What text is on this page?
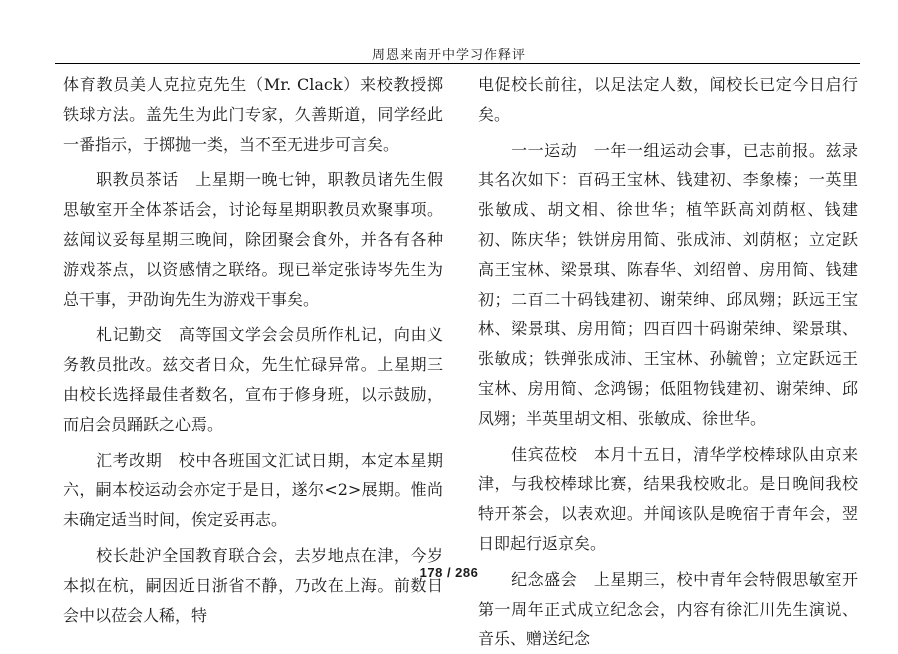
周恩来南开中学习作释评

体育教员美人克拉克先生（Mr. Clack）来校教授掷铁球方法。盖先生为此门专家，久善斯道，同学经此一番指示，于掷抛一类，当不至无进步可言矣。

　　职教员茶话　上星期一晚七钟，职教员诸先生假思敏室开全体茶话会，讨论每星期职教员欢聚事项。兹闻议妥每星期三晚间，除团聚会食外，并各有各种游戏茶点，以资感情之联络。现已举定张诗岑先生为总干事，尹劭询先生为游戏干事矣。

　　札记勤交　高等国文学会会员所作札记，向由义务教员批改。兹交者日众，先生忙碌异常。上星期三由校长选择最佳者数名，宣布于修身班，以示鼓励，而启会员踊跃之心焉。

　　汇考改期　校中各班国文汇试日期，本定本星期六，嗣本校运动会亦定于是日，遂尔<2>展期。惟尚未确定适当时间，俟定妥再志。

　　校长赴沪全国教育联合会，去岁地点在津，今岁本拟在杭，嗣因近日浙省不静，乃改在上海。前数日会中以莅会人稀，特

电促校长前往，以足法定人数，闻校长已定今日启行矣。

　　一一运动　一年一组运动会事，已志前报。兹录其名次如下：百码王宝林、钱建初、李象榛；一英里张敏成、胡文相、徐世华；植竿跃高刘荫枢、钱建初、陈庆华；铁饼房用简、张成沛、刘荫枢；立定跃高王宝林、梁景琪、陈春华、刘绍曾、房用简、钱建初；二百二十码钱建初、谢荣绅、邱凤翙；跃远王宝林、梁景琪、房用简；四百四十码谢荣绅、梁景琪、张敏成；铁弹张成沛、王宝林、孙毓曾；立定跃远王宝林、房用简、念鸿锡；低阻物钱建初、谢荣绅、邱凤翙；半英里胡文相、张敏成、徐世华。

　　佳宾莅校　本月十五日，清华学校棒球队由京来津，与我校棒球比赛，结果我校败北。是日晚间我校特开茶会，以表欢迎。并闻该队是晚宿于青年会，翌日即起行返京矣。

　　纪念盛会　上星期三，校中青年会特假思敏室开第一周年正式成立纪念会，内容有徐汇川先生演说、音乐、赠送纪念

178 / 286
